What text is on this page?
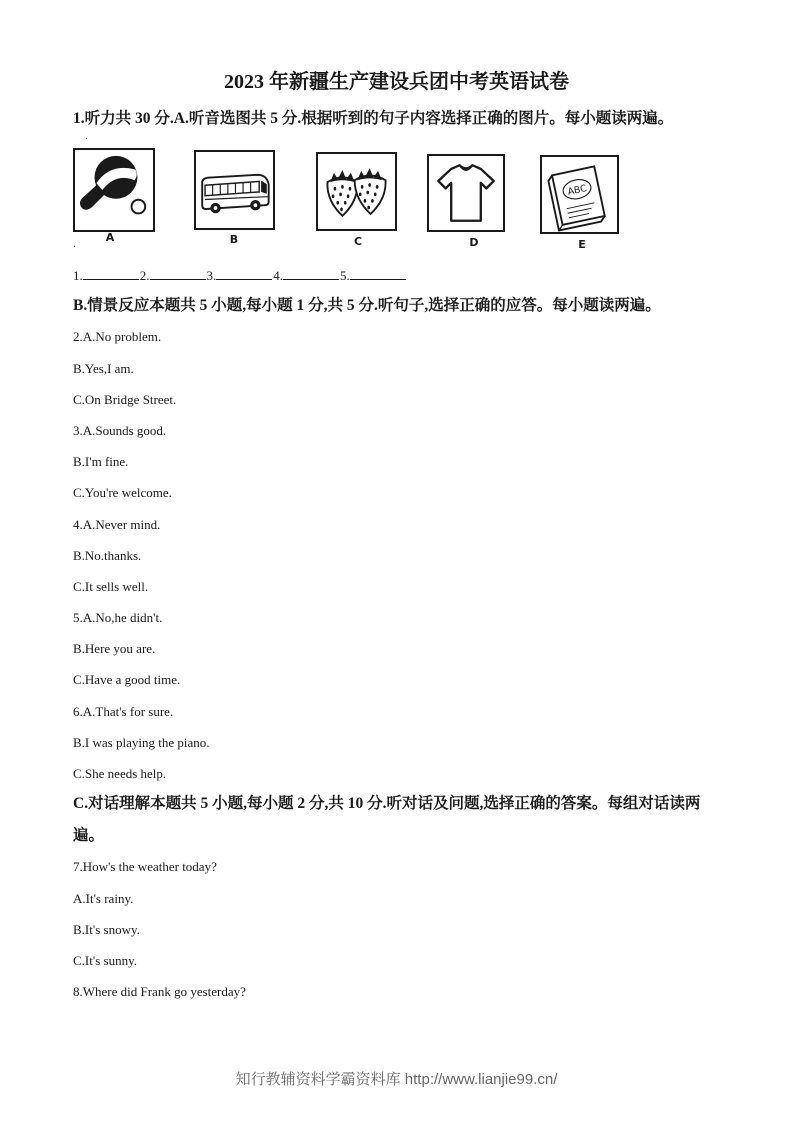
2023 年新疆生产建设兵团中考英语试卷
1.听力共 30 分.A.听音选图共 5 分.根据听到的句子内容选择正确的图片。每小题读两遍。
.
ABC
A	B	C	D	E
.
1.	2.	3.	4.	5.
B.情景反应本题共 5 小题,每小题 1 分,共 5 分.听句子,选择正确的应答。每小题读两遍。
2.A.No problem.
B.Yes,I am.
C.On Bridge Street.
3.A.Sounds good.
B.I'm fine.
C.You're welcome.
4.A.Never mind.
B.No.thanks.
C.It sells well.
5.A.No,he didn't.
B.Here you are.
C.Have a good time.
6.A.That's for sure.
B.I was playing the piano.
C.She needs help.
C.对话理解本题共 5 小题,每小题 2 分,共 10 分.听对话及问题,选择正确的答案。每组对话读两遍。
7.How's the weather today?
A.It's rainy.
B.It's snowy.
C.It's sunny.
8.Where did Frank go yesterday?
知行教辅资料学霸资料库 http://www.lianjie99.cn/
